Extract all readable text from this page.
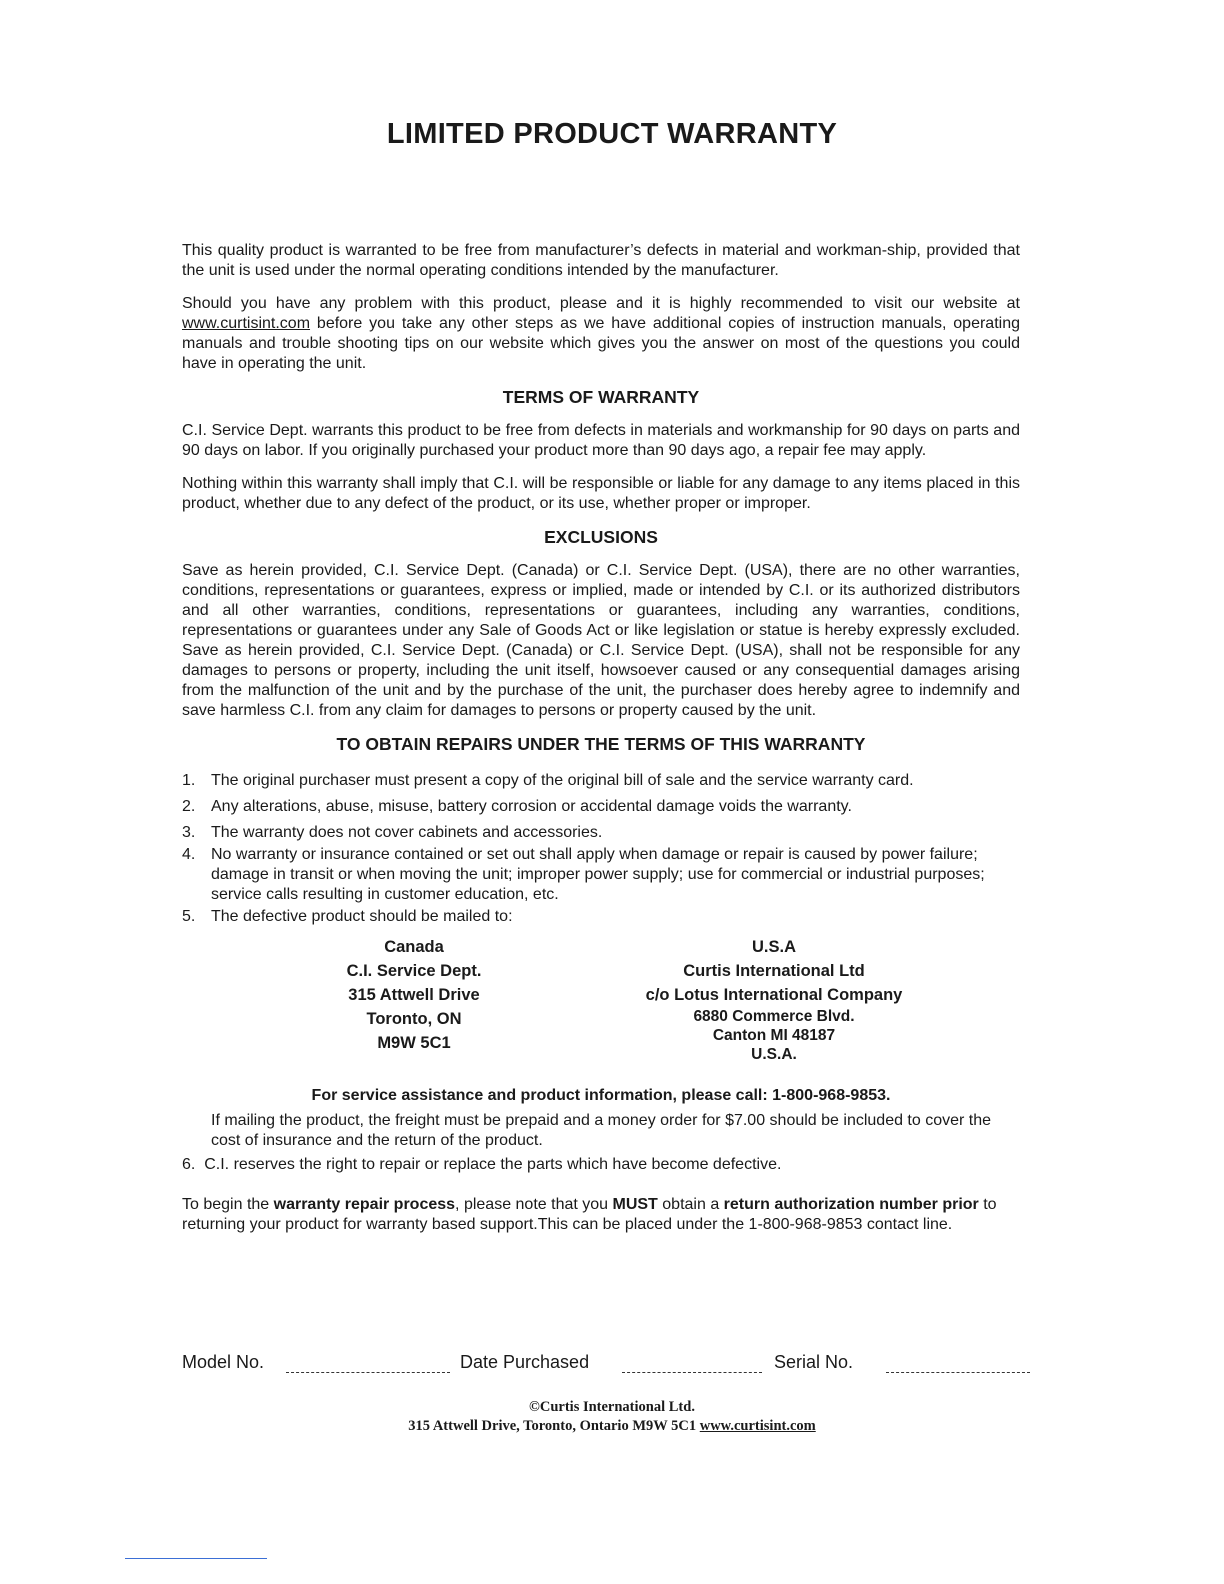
LIMITED PRODUCT WARRANTY

This quality product is warranted to be free from manufacturer’s defects in material and workman-ship, provided that the unit is used under the normal operating conditions intended by the manufacturer.

Should you have any problem with this product, please and it is highly recommended to visit our website at www.curtisint.com before you take any other steps as we have additional copies of instruction manuals, operating manuals and trouble shooting tips on our website which gives you the answer on most of the questions you could have in operating the unit.

TERMS OF WARRANTY

C.I. Service Dept. warrants this product to be free from defects in materials and workmanship for 90 days on parts and 90 days on labor. If you originally purchased your product more than 90 days ago, a repair fee may apply.

Nothing within this warranty shall imply that C.I. will be responsible or liable for any damage to any items placed in this product, whether due to any defect of the product, or its use, whether proper or improper.

EXCLUSIONS

Save as herein provided, C.I. Service Dept. (Canada) or C.I. Service Dept. (USA), there are no other warranties, conditions, representations or guarantees, express or implied, made or intended by C.I. or its authorized distributors and all other warranties, conditions, representations or guarantees, including any warranties, conditions, representations or guarantees under any Sale of Goods Act or like legislation or statue is hereby expressly excluded. Save as herein provided, C.I. Service Dept. (Canada) or C.I. Service Dept. (USA), shall not be responsible for any damages to persons or property, including the unit itself, howsoever caused or any consequential damages arising from the malfunction of the unit and by the purchase of the unit, the purchaser does hereby agree to indemnify and save harmless C.I. from any claim for damages to persons or property caused by the unit.

TO OBTAIN REPAIRS UNDER THE TERMS OF THIS WARRANTY
1. The original purchaser must present a copy of the original bill of sale and the service warranty card.
2. Any alterations, abuse, misuse, battery corrosion or accidental damage voids the warranty.
3. The warranty does not cover cabinets and accessories.
4. No warranty or insurance contained or set out shall apply when damage or repair is caused by power failure; damage in transit or when moving the unit; improper power supply; use for commercial or industrial purposes; service calls resulting in customer education, etc.
5. The defective product should be mailed to:
Canada
C.I. Service Dept.
315 Attwell Drive
Toronto, ON
M9W 5C1
U.S.A
Curtis International Ltd
c/o Lotus International Company
6880 Commerce Blvd.
Canton MI 48187
U.S.A.
For service assistance and product information, please call: 1-800-968-9853.

If mailing the product, the freight must be prepaid and a money order for $7.00 should be included to cover the cost of insurance and the return of the product.

6. C.I. reserves the right to repair or replace the parts which have become defective.

To begin the warranty repair process, please note that you MUST obtain a return authorization number prior to returning your product for warranty based support.This can be placed under the 1-800-968-9853 contact line.

Model No.	Date Purchased	Serial No.
©Curtis International Ltd.
315 Attwell Drive, Toronto, Ontario M9W 5C1 www.curtisint.com
